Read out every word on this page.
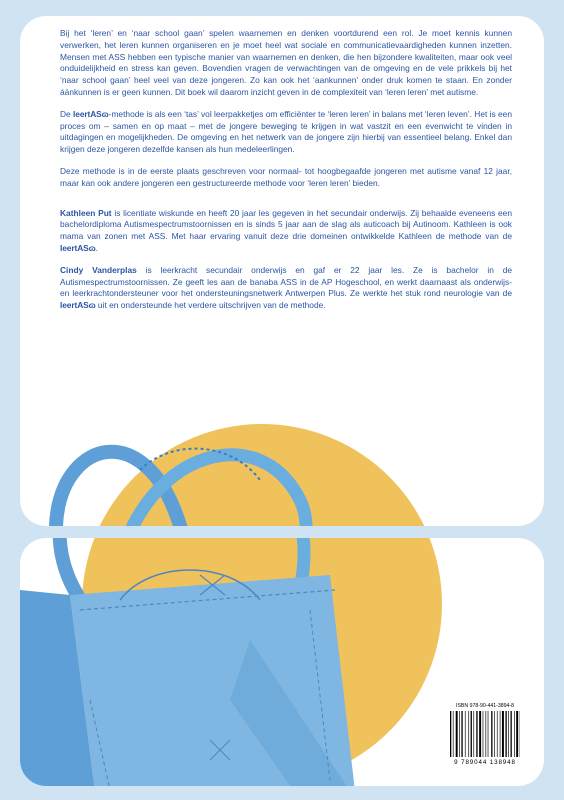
Bij het ‘leren’ en ‘naar school gaan’ spelen waarnemen en denken voortdurend een rol. Je moet kennis kunnen verwerken, het leren kunnen organiseren en je moet heel wat sociale en communicatievaardigheden kunnen inzetten. Mensen met ASS hebben een typische manier van waarnemen en denken, die hen bijzondere kwaliteiten, maar ook veel onduidelijkheid en stress kan geven. Bovendien vragen de verwachtingen van de omgeving en de vele prikkels bij het ‘naar school gaan’ heel veel van deze jongeren. Zo kan ook het ‘aankunnen’ onder druk komen te staan. En zonder áánkunnen is er geen kunnen. Dit boek wil daarom inzicht geven in de complexiteit van ‘leren leren’ met autisme.

De leertASɷ-methode is als een ‘tas’ vol leerpakketjes om efficiënter te ‘leren leren’ in balans met ‘leren leven’. Het is een proces om – samen en op maat – met de jongere beweging te krijgen in wat vastzit en een evenwicht te vinden in uitdagingen en mogelijkheden. De omgeving en het netwerk van de jongere zijn hierbij van essentieel belang. Enkel dan krijgen deze jongeren dezelfde kansen als hun medeleerlingen.

Deze methode is in de eerste plaats geschreven voor normaal- tot hoogbegaafde jongeren met autisme vanaf 12 jaar, maar kan ook andere jongeren een gestructureerde methode voor ‘leren leren’ bieden.

Kathleen Put is licentiate wiskunde en heeft 20 jaar les gegeven in het secundair onderwijs. Zij behaalde eveneens een bachelordiploma Autismespectrumstoornissen en is sinds 5 jaar aan de slag als auticoach bij Autinoom. Kathleen is ook mama van zonen met ASS. Met haar ervaring vanuit deze drie domeinen ontwikkelde Kathleen de methode van de leertASɷ.

Cindy Vanderplas is leerkracht secundair onderwijs en gaf er 22 jaar les. Ze is bachelor in de Autismespectrumstoornissen. Ze geeft les aan de banaba ASS in de AP Hogeschool, en werkt daarnaast als onderwijs- en leerkrachtondersteuner voor het ondersteuningsnetwerk Antwerpen Plus. Ze werkte het stuk rond neurologie van de leertASɷ uit en ondersteunde het verdere uitschrijven van de methode.

ISBN 978-90-441-3894-8
9 789044 138948
